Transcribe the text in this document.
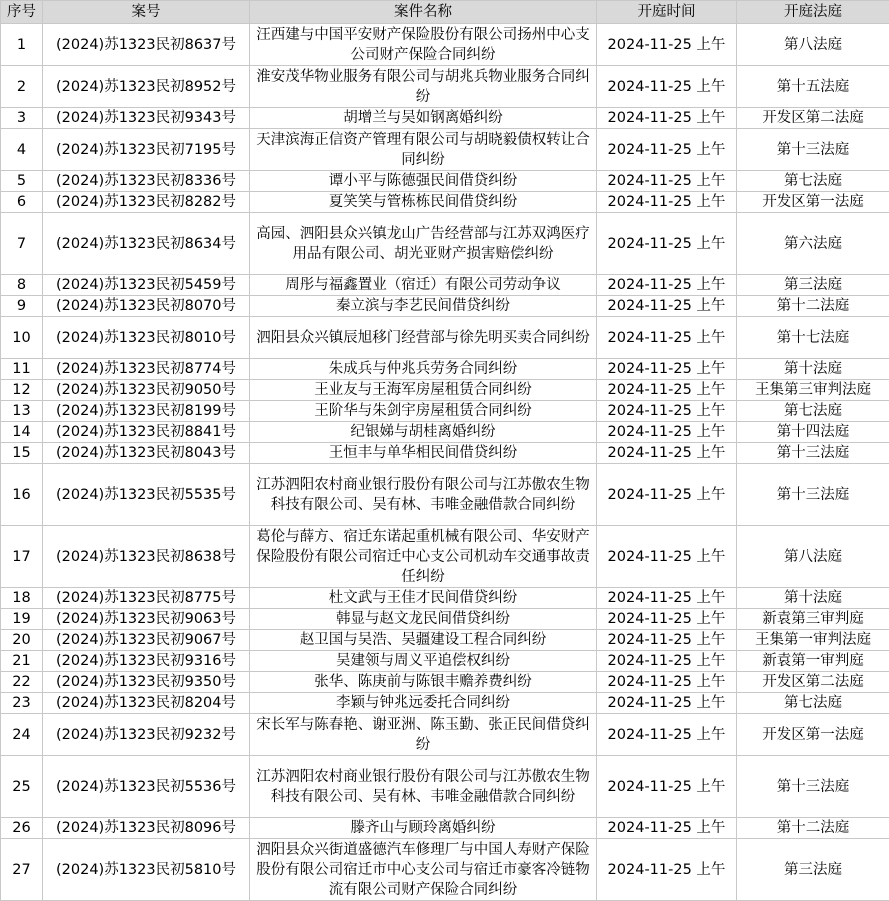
序号	案号	案件名称	开庭时间	开庭法庭
1	(2024)苏1323民初8637号	汪西建与中国平安财产保险股份有限公司扬州中心支公司财产保险合同纠纷	2024-11-25 上午	第八法庭
2	(2024)苏1323民初8952号	淮安茂华物业服务有限公司与胡兆兵物业服务合同纠纷	2024-11-25 上午	第十五法庭
3	(2024)苏1323民初9343号	胡增兰与吴如钢离婚纠纷	2024-11-25 上午	开发区第二法庭
4	(2024)苏1323民初7195号	天津滨海正信资产管理有限公司与胡晓毅债权转让合同纠纷	2024-11-25 上午	第十三法庭
5	(2024)苏1323民初8336号	谭小平与陈德强民间借贷纠纷	2024-11-25 上午	第七法庭
6	(2024)苏1323民初8282号	夏笑笑与管栋栋民间借贷纠纷	2024-11-25 上午	开发区第一法庭
7	(2024)苏1323民初8634号	高园、泗阳县众兴镇龙山广告经营部与江苏双鸿医疗用品有限公司、胡光亚财产损害赔偿纠纷	2024-11-25 上午	第六法庭
8	(2024)苏1323民初5459号	周彤与福鑫置业（宿迁）有限公司劳动争议	2024-11-25 上午	第三法庭
9	(2024)苏1323民初8070号	秦立滨与李艺民间借贷纠纷	2024-11-25 上午	第十二法庭
10	(2024)苏1323民初8010号	泗阳县众兴镇辰旭移门经营部与徐先明买卖合同纠纷	2024-11-25 上午	第十七法庭
11	(2024)苏1323民初8774号	朱成兵与仲兆兵劳务合同纠纷	2024-11-25 上午	第十法庭
12	(2024)苏1323民初9050号	王业友与王海军房屋租赁合同纠纷	2024-11-25 上午	王集第三审判法庭
13	(2024)苏1323民初8199号	王阶华与朱剑宇房屋租赁合同纠纷	2024-11-25 上午	第七法庭
14	(2024)苏1323民初8841号	纪银娣与胡桂离婚纠纷	2024-11-25 上午	第十四法庭
15	(2024)苏1323民初8043号	王恒丰与单华相民间借贷纠纷	2024-11-25 上午	第十三法庭
16	(2024)苏1323民初5535号	江苏泗阳农村商业银行股份有限公司与江苏傲农生物科技有限公司、吴有林、韦唯金融借款合同纠纷	2024-11-25 上午	第十三法庭
17	(2024)苏1323民初8638号	葛伦与薛方、宿迁东诺起重机械有限公司、华安财产保险股份有限公司宿迁中心支公司机动车交通事故责任纠纷	2024-11-25 上午	第八法庭
18	(2024)苏1323民初8775号	杜文武与王佳才民间借贷纠纷	2024-11-25 上午	第十法庭
19	(2024)苏1323民初9063号	韩显与赵文龙民间借贷纠纷	2024-11-25 上午	新袁第三审判庭
20	(2024)苏1323民初9067号	赵卫国与吴浩、吴疆建设工程合同纠纷	2024-11-25 上午	王集第一审判法庭
21	(2024)苏1323民初9316号	吴建领与周义平追偿权纠纷	2024-11-25 上午	新袁第一审判庭
22	(2024)苏1323民初9350号	张华、陈庚前与陈银丰赡养费纠纷	2024-11-25 上午	开发区第二法庭
23	(2024)苏1323民初8204号	李颖与钟兆远委托合同纠纷	2024-11-25 上午	第七法庭
24	(2024)苏1323民初9232号	宋长军与陈春艳、谢亚洲、陈玉勤、张正民间借贷纠纷	2024-11-25 上午	开发区第一法庭
25	(2024)苏1323民初5536号	江苏泗阳农村商业银行股份有限公司与江苏傲农生物科技有限公司、吴有林、韦唯金融借款合同纠纷	2024-11-25 上午	第十三法庭
26	(2024)苏1323民初8096号	滕齐山与顾玲离婚纠纷	2024-11-25 上午	第十二法庭
27	(2024)苏1323民初5810号	泗阳县众兴街道盛德汽车修理厂与中国人寿财产保险股份有限公司宿迁市中心支公司与宿迁市豪客冷链物流有限公司财产保险合同纠纷	2024-11-25 上午	第三法庭
